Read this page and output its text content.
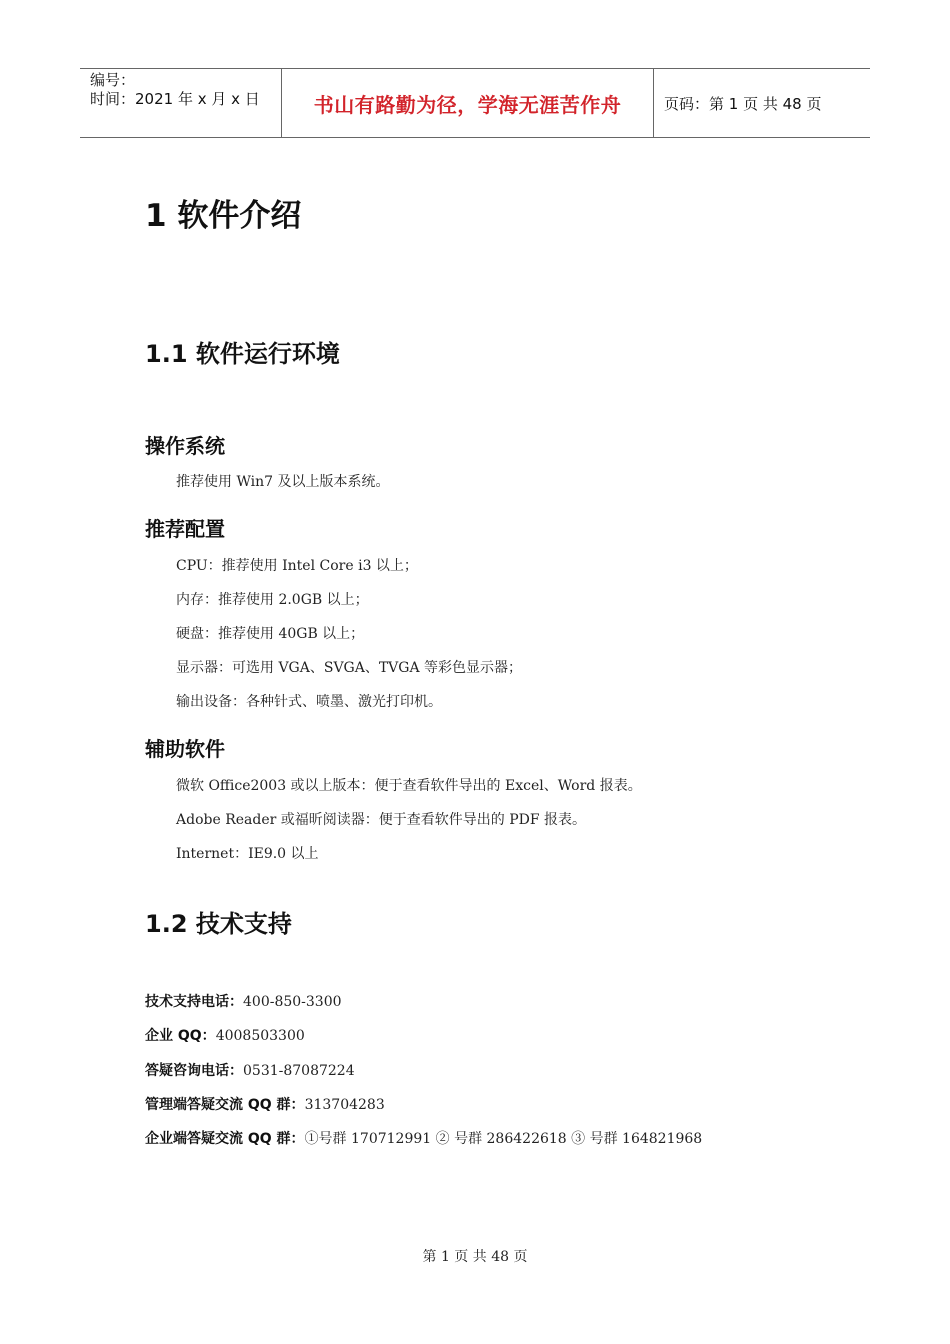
编号：
时间：2021 年 x 月 x 日	书山有路勤为径，学海无涯苦作舟	页码：第 1 页 共 48 页
1 软件介绍
1.1 软件运行环境
操作系统
推荐使用 Win7 及以上版本系统。
推荐配置
CPU：推荐使用 Intel Core i3 以上；
内存：推荐使用 2.0GB 以上；
硬盘：推荐使用 40GB 以上；
显示器：可选用 VGA、SVGA、TVGA 等彩色显示器；
输出设备：各种针式、喷墨、激光打印机。
辅助软件
微软 Office2003 或以上版本：便于查看软件导出的 Excel、Word 报表。
Adobe Reader 或福昕阅读器：便于查看软件导出的 PDF 报表。
Internet：IE9.0 以上
1.2 技术支持
技术支持电话：400-850-3300
企业 QQ：4008503300
答疑咨询电话：0531-87087224
管理端答疑交流 QQ 群：313704283
企业端答疑交流 QQ 群：①号群 170712991 ② 号群 286422618 ③ 号群 164821968
第 1 页 共 48 页
